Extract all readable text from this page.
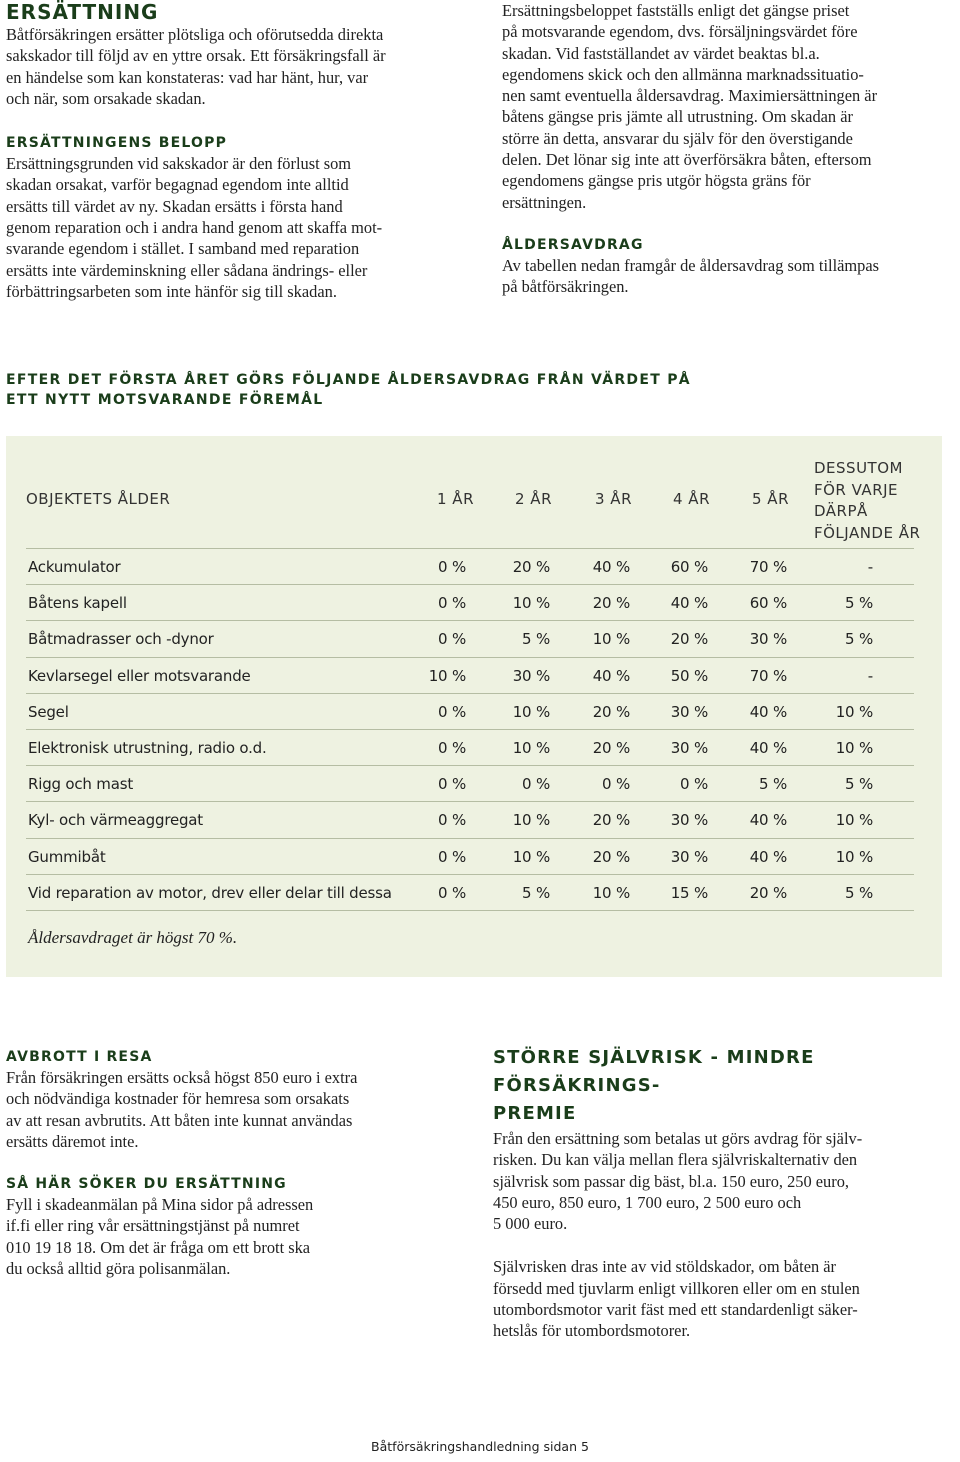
ERSÄTTNING

Båtförsäkringen ersätter plötsliga och oförutsedda direkta
sakskador till följd av en yttre orsak. Ett försäkringsfall är
en händelse som kan konstateras: vad har hänt, hur, var
och när, som orsakade skadan.

ERSÄTTNINGENS BELOPP

Ersättningsgrunden vid sakskador är den förlust som
skadan orsakat, varför begagnad egendom inte alltid
ersätts till värdet av ny. Skadan ersätts i första hand
genom reparation och i andra hand genom att skaffa mot-
svarande egendom i stället. I samband med reparation
ersätts inte värdeminskning eller sådana ändrings- eller
förbättringsarbeten som inte hänför sig till skadan.

Ersättningsbeloppet fastställs enligt det gängse priset
på motsvarande egendom, dvs. försäljningsvärdet före
skadan. Vid fastställandet av värdet beaktas bl.a.
egendomens skick och den allmänna marknadssituatio-
nen samt eventuella åldersavdrag. Maximiersättningen är
båtens gängse pris jämte all utrustning. Om skadan är
större än detta, ansvarar du själv för den överstigande
delen. Det lönar sig inte att överförsäkra båten, eftersom
egendomens gängse pris utgör högsta gräns för
ersättningen.

ÅLDERSAVDRAG

Av tabellen nedan framgår de åldersavdrag som tillämpas
på båtförsäkringen.

EFTER DET FÖRSTA ÅRET GÖRS FÖLJANDE ÅLDERSAVDRAG FRÅN VÄRDET PÅ
ETT NYTT MOTSVARANDE FÖREMÅL
OBJEKTETS ÅLDER	1 ÅR	2 ÅR	3 ÅR	4 ÅR	5 ÅR
DESSUTOM
FÖR VARJE
DÄRPÅ
FÖLJANDE ÅR
Ackumulator	0 %	20 %	40 %	60 %	70 %	-
Båtens kapell	0 %	10 %	20 %	40 %	60 %	5 %
Båtmadrasser och -dynor	0 %	5 %	10 %	20 %	30 %	5 %
Kevlarsegel eller motsvarande	10 %	30 %	40 %	50 %	70 %	-
Segel	0 %	10 %	20 %	30 %	40 %	10 %
Elektronisk utrustning, radio o.d.	0 %	10 %	20 %	30 %	40 %	10 %
Rigg och mast	0 %	0 %	0 %	0 %	5 %	5 %
Kyl- och värmeaggregat	0 %	10 %	20 %	30 %	40 %	10 %
Gummibåt	0 %	10 %	20 %	30 %	40 %	10 %
Vid reparation av motor, drev eller delar till dessa	0 %	5 %	10 %	15 %	20 %	5 %
Åldersavdraget är högst 70 %.
AVBROTT I RESA

Från försäkringen ersätts också högst 850 euro i extra
och nödvändiga kostnader för hemresa som orsakats
av att resan avbrutits. Att båten inte kunnat användas
ersätts däremot inte.

SÅ HÄR SÖKER DU ERSÄTTNING

Fyll i skadeanmälan på Mina sidor på adressen
if.fi eller ring vår ersättningstjänst på numret
010 19 18 18. Om det är fråga om ett brott ska
du också alltid göra polisanmälan.

STÖRRE SJÄLVRISK - MINDRE FÖRSÄKRINGS-
PREMIE

Från den ersättning som betalas ut görs avdrag för själv-
risken. Du kan välja mellan flera självriskalternativ den
självrisk som passar dig bäst, bl.a. 150 euro, 250 euro,
450 euro, 850 euro, 1 700 euro, 2 500 euro och
5 000 euro.

Självrisken dras inte av vid stöldskador, om båten är
försedd med tjuvlarm enligt villkoren eller om en stulen
utombordsmotor varit fäst med ett standardenligt säker-
hetslås för utombordsmotorer.

Båtförsäkringshandledning sidan 5
